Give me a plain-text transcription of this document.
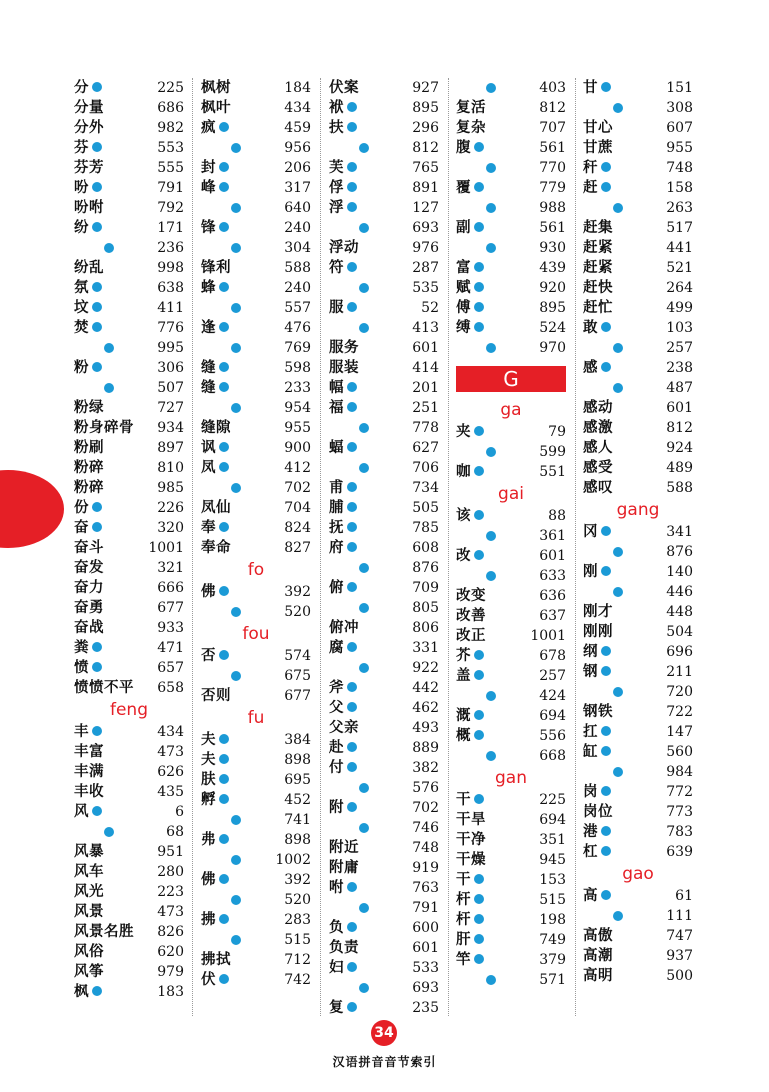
分	225
分量	686
分外	982
芬	553
芬芳	555
吩	791
吩咐	792
纷	171
236
纷乱	998
氛	638
坟	411
焚	776
995
粉	306
507
粉绿	727
粉身碎骨 934
粉刷	897
粉碎	810
粉碎	985
份	226
奋	320
奋斗	1001
奋发	321
奋力	666
奋勇	677
奋战	933
粪	471
愤	657
愤愤不平 658
feng
丰	434
丰富	473
丰满	626
丰收	435
风	6
68
风暴	951
风车	280
风光	223
风景	473
风景名胜 826
风俗	620
风筝	979
枫	183
枫树	184
枫叶	434
疯	459
956
封	206
峰	317
640
锋	240
304
锋利	588
蜂	240
557
逢	476
769
缝	598
缝	233
954
缝隙	955
讽	900
凤	412
702
凤仙	704
奉	824
奉命	827
fo
佛	392
520
fou
否	574
675
否则	677
fu
夫	384
夫	898
肤	695
孵	452
741
弗	898
1002
佛	392
520
拂	283
515
拂拭	712
伏	742
伏案	927
袱	895
扶	296
812
芙	765
俘	891
浮	127
693
浮动	976
符	287
535
服	52
413
服务	601
服装	414
幅	201
福	251
778
蝠	627
706
甫	734
脯	505
抚	785
府	608
876
俯	709
805
俯冲	806
腐	331
922
斧	442
父	462
父亲	493
赴	889
付	382
576
附	702
746
附近	748
附庸	919
咐	763
791
负	600
负责	601
妇	533
693
复	235
403
复活	812
复杂	707
腹	561
770
覆	779
988
副	561
930
富	439
赋	920
傅	895
缚	524
970
G
ga
夹	79
599
咖	551
gai
该	88
361
改	601
633
改变	636
改善	637
改正	1001
芥	678
盖	257
424
溉	694
概	556
668
gan
干	225
干旱	694
干净	351
干燥	945
干	153
杆	515
杆	198
肝	749
竿	379
571
甘	151
308
甘心	607
甘蔗	955
秆	748
赶	158
263
赶集	517
赶紧	441
赶紧	521
赶快	264
赶忙	499
敢	103
257
感	238
487
感动	601
感激	812
感人	924
感受	489
感叹	588
gang
冈	341
876
刚	140
446
刚才	448
刚刚	504
纲	696
钢	211
720
钢铁	722
扛	147
缸	560
984
岗	772
岗位	773
港	783
杠	639
gao
高	61
111
高傲	747
高潮	937
高明	500
34
汉语拼音音节索引
